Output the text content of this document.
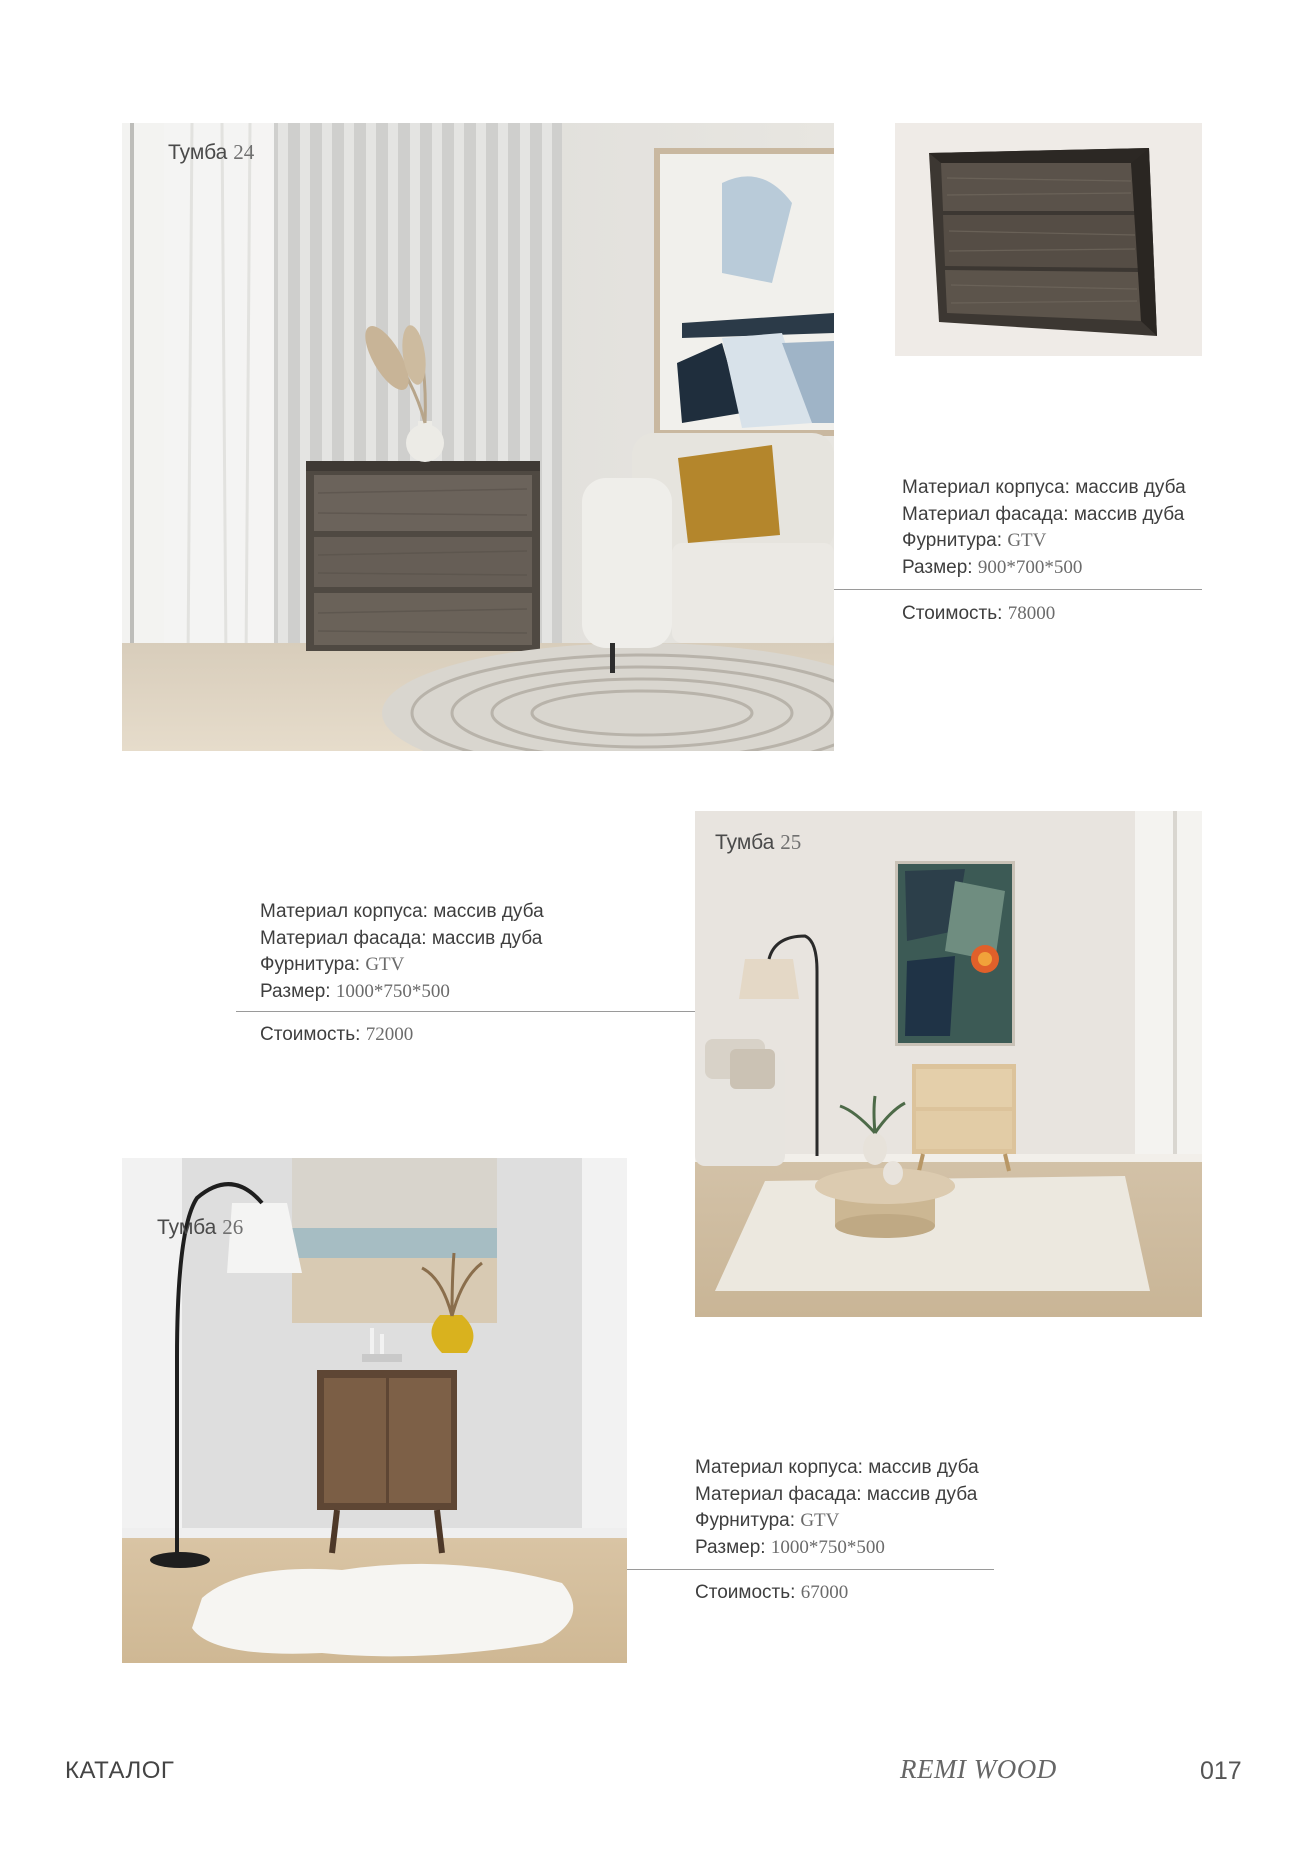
Тумба 24
Материал корпуса: массив дуба
Материал фасада: массив дуба
Фурнитура: GTV
Размер: 900*700*500
Стоимость: 78000
Тумба 25
Материал корпуса: массив дуба
Материал фасада: массив дуба
Фурнитура: GTV
Размер: 1000*750*500
Стоимость: 72000
Тумба 26
Материал корпуса: массив дуба
Материал фасада: массив дуба
Фурнитура: GTV
Размер: 1000*750*500
Стоимость: 67000
КАТАЛОГ	REMI WOOD	017
